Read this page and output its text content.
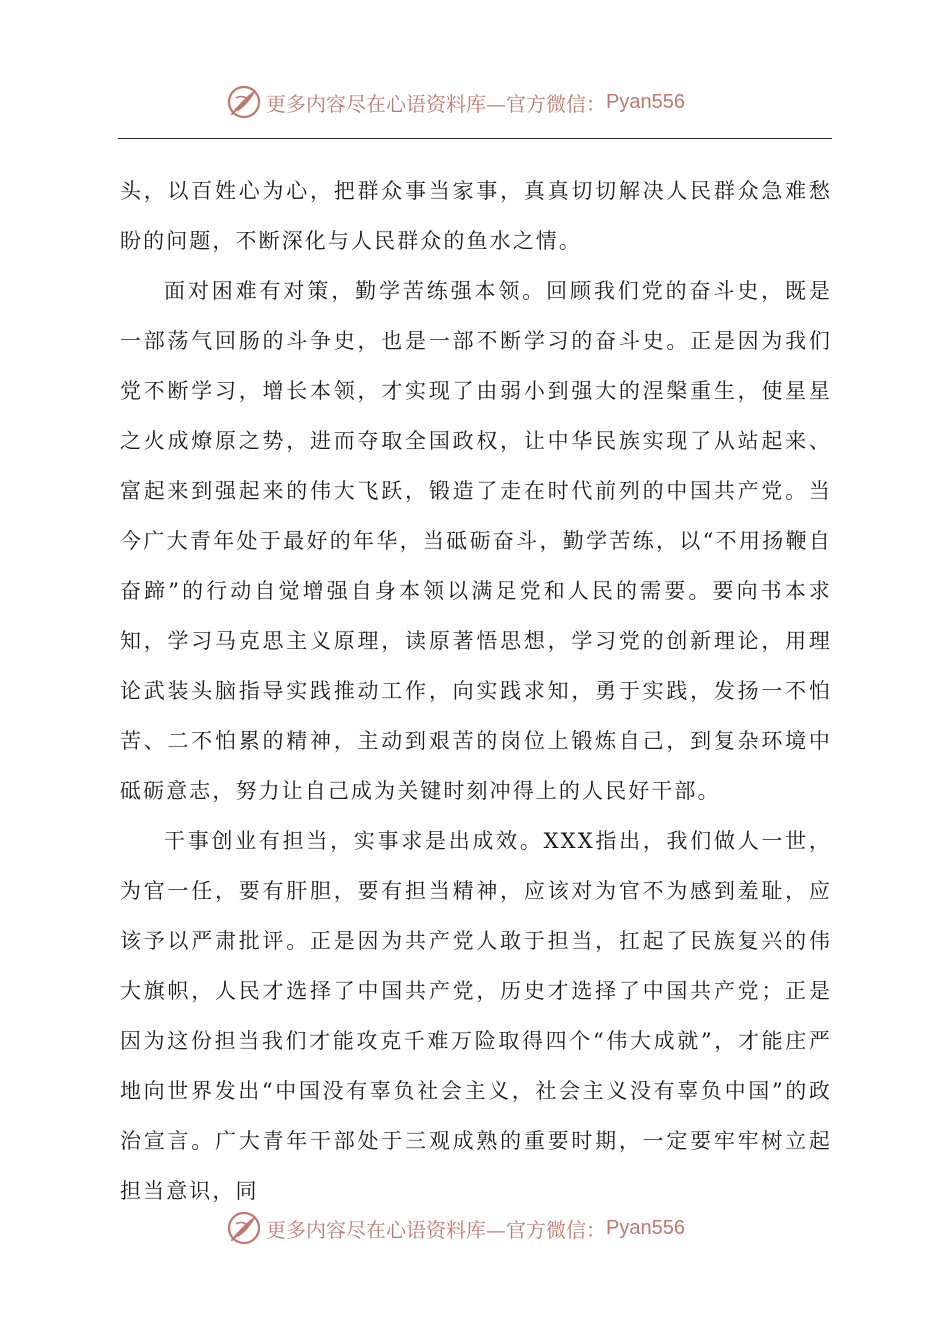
更多内容尽在心语资料库—官方微信： Pyan556

头，以百姓心为心，把群众事当家事，真真切切解决人民群众急难愁盼的问题，不断深化与人民群众的鱼水之情。

面对困难有对策，勤学苦练强本领。回顾我们党的奋斗史，既是一部荡气回肠的斗争史，也是一部不断学习的奋斗史。正是因为我们党不断学习，增长本领，才实现了由弱小到强大的涅槃重生，使星星之火成燎原之势，进而夺取全国政权，让中华民族实现了从站起来、富起来到强起来的伟大飞跃，锻造了走在时代前列的中国共产党。当今广大青年处于最好的年华，当砥砺奋斗，勤学苦练，以“不用扬鞭自奋蹄”的行动自觉增强自身本领以满足党和人民的需要。要向书本求知，学习马克思主义原理，读原著悟思想，学习党的创新理论，用理论武装头脑指导实践推动工作，向实践求知，勇于实践，发扬一不怕苦、二不怕累的精神，主动到艰苦的岗位上锻炼自己，到复杂环境中砥砺意志，努力让自己成为关键时刻冲得上的人民好干部。

干事创业有担当，实事求是出成效。XXX指出，我们做人一世，为官一任，要有肝胆，要有担当精神，应该对为官不为感到羞耻，应该予以严肃批评。正是因为共产党人敢于担当，扛起了民族复兴的伟大旗帜，人民才选择了中国共产党，历史才选择了中国共产党；正是因为这份担当我们才能攻克千难万险取得四个“伟大成就”，才能庄严地向世界发出“中国没有辜负社会主义，社会主义没有辜负中国”的政治宣言。广大青年干部处于三观成熟的重要时期，一定要牢牢树立起担当意识，同

更多内容尽在心语资料库—官方微信： Pyan556
